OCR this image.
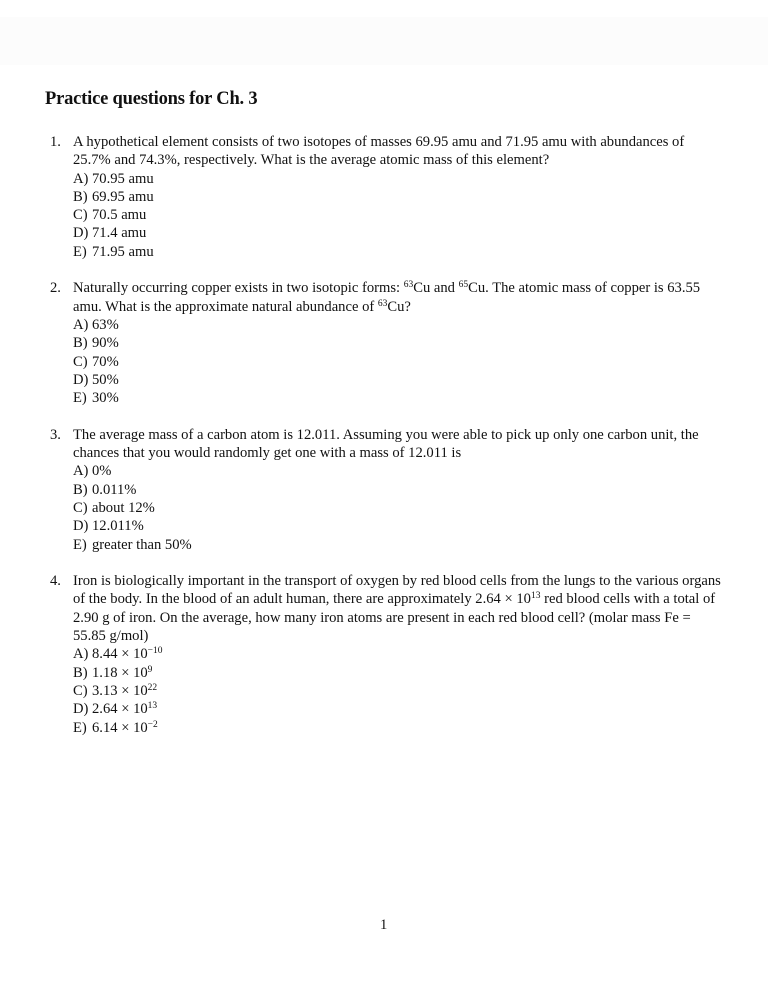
Practice questions for Ch. 3
1. A hypothetical element consists of two isotopes of masses 69.95 amu and 71.95 amu with abundances of 25.7% and 74.3%, respectively. What is the average atomic mass of this element?
A) 70.95 amu
B) 69.95 amu
C) 70.5 amu
D) 71.4 amu
E) 71.95 amu
2. Naturally occurring copper exists in two isotopic forms: $^{63}$Cu and $^{65}$Cu. The atomic mass of copper is 63.55 amu. What is the approximate natural abundance of $^{63}$Cu?
A) 63%
B) 90%
C) 70%
D) 50%
E) 30%
3. The average mass of a carbon atom is 12.011. Assuming you were able to pick up only one carbon unit, the chances that you would randomly get one with a mass of 12.011 is
A) 0%
B) 0.011%
C) about 12%
D) 12.011%
E) greater than 50%
4. Iron is biologically important in the transport of oxygen by red blood cells from the lungs to the various organs of the body. In the blood of an adult human, there are approximately $2.64 \times 10^{13}$ red blood cells with a total of 2.90 g of iron. On the average, how many iron atoms are present in each red blood cell? (molar mass Fe = 55.85 g/mol)
A) $8.44 \times 10^{-10}$
B) $1.18 \times 10^9$
C) $3.13 \times 10^{22}$
D) $2.64 \times 10^{13}$
E) $6.14 \times 10^{-2}$
1
